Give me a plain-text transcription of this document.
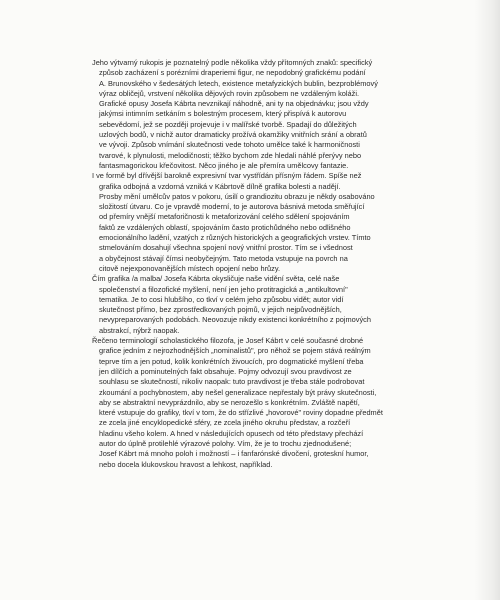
Jeho výtvarný rukopis je poznatelný podle několika vždy přítomných znaků: specifický
způsob zacházení s porézními draperiemi figur, ne nepodobný grafickému podání
A. Brunovského v šedesátých letech, existence metafyzických bublin, bezproblémový
výraz obličejů, vrstvení několika dějových rovin způsobem ne vzdáleným koláži.
Grafické opusy Josefa Kábrta nevznikají náhodně, ani ty na objednávku; jsou vždy
jakýmsi intimním setkáním s bolestným procesem, který přispívá k autorovu
sebevědomí, jež se později projevuje i v malířské tvorbě. Spadají do důležitých
uzlových bodů, v nichž autor dramaticky prožívá okamžiky vnitřních srání a obratů
ve vývoji. Způsob vnímání skutečnosti vede tohoto umělce také k harmoničnosti
tvarové, k plynulosti, melodičnosti; těžko bychom zde hledali náhlé přerývy nebo
fantasmagorickou křečovitost. Něco jiného je ale přemíra umělcovy fantazie.
I ve formě byl dřívější barokně expresivní tvar vystřídán přísným řádem. Spíše než
grafika odbojná a vzdorná vzniká v Kábrtově dílně grafika bolesti a nadějí.
Prosby mění umělcův patos v pokoru, úsilí o grandiozitu obrazu je někdy osabováno
složitostí útvaru. Co je vpravdě moderní, to je autorova básnivá metoda směřující
od přemíry vnější metaforičnosti k metaforizování celého sdělení spojováním
faktů ze vzdálených oblastí, spojováním často protichůdného nebo odlišného
emocionálního ladění, vzatých z různých historických a geografických vrstev. Tímto
stmelováním dosahují všechna spojení nový vnitřní prostor. Tím se i všednost
a obyčejnost stávají čímsi neobyčejným. Tato metoda vstupuje na povrch na
citově nejexponovanějších místech opojení nebo hrůzy.
Čím grafika /a malba/ Josefa Kábrta okysličuje naše vidění světa, celé naše
společenství a filozofické myšlení, není jen jeho protitragická a „antikultovní"
tematika. Je to cosi hlubšího, co tkví v celém jeho způsobu vidět; autor vidí
skutečnost přímo, bez zprostředkovaných pojmů, v jejich nejpůvodnějších,
nevypreparovaných podobách. Neovozuje nikdy existenci konkrétního z pojmových
abstrakcí, nýbrž naopak.
Řečeno terminologií scholastického filozofa, je Josef Kábrt v celé současné drobné
grafice jedním z nejrozhodnějších „nominalistů", pro něhož se pojem stává reálným
teprve tím a jen potud, kolik konkrétních živoucích, pro dogmatické myšlení třeba
jen dílčích a pominutelných fakt obsahuje. Pojmy odvozují svou pravdivost ze
souhlasu se skutečností, nikoliv naopak: tuto pravdivost je třeba stále podrobovat
zkoumání a pochybnostem, aby nešel generalizace nepřestaly být právy skutečnosti,
aby se abstraktní nevyprázdnilo, aby se nerozešlo s konkrétním. Zvláště napětí,
které vstupuje do grafiky, tkví v tom, že do střízlivé „hovorové" roviny dopadne předmět
ze zcela jiné encyklopedické sféry, ze zcela jiného okruhu představ, a rozčeří
hladinu všeho kolem. A hned v následujících opusech od této představy přechází
autor do úplně protilehlé výrazové polohy. Vím, že je to trochu zjednodušené;
Josef Kábrt má mnoho poloh i možností – i fanfarónské divočení, groteskní humor,
nebo docela klukovskou hravost a lehkost, například.
